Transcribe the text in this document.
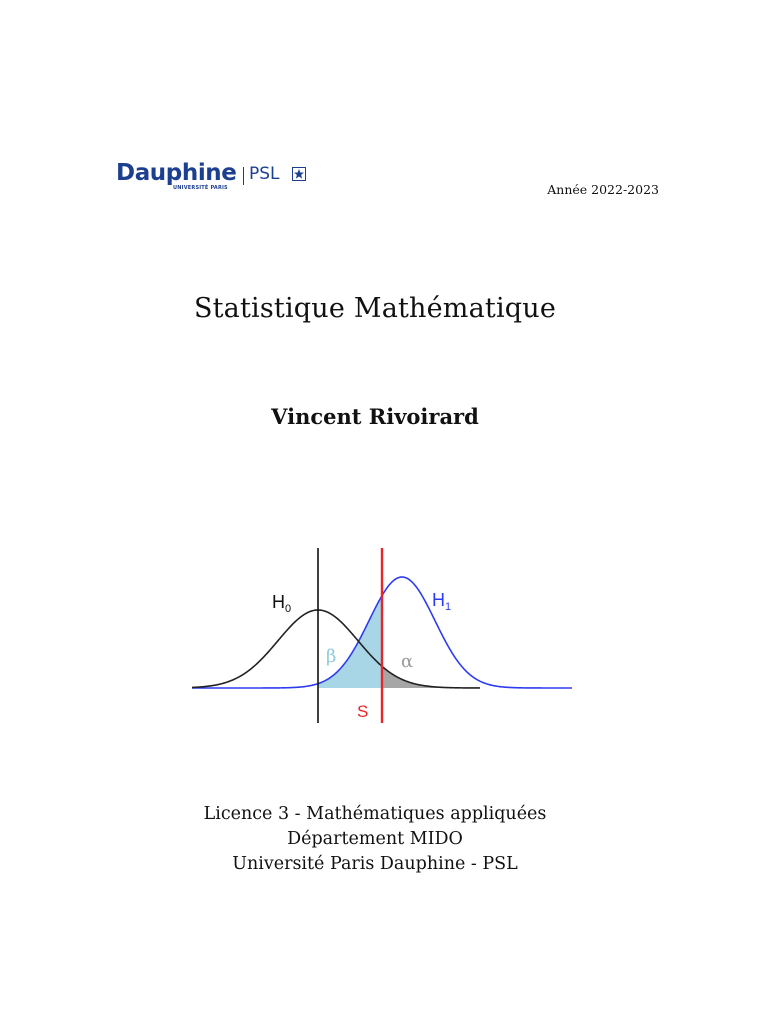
Dauphine
UNIVERSITÉ PARIS
PSL
Année 2022-2023
Statistique Mathématique
Vincent Rivoirard
$H_0$	$H_1$
β	α
S
Licence 3 - Mathématiques appliquées
Département MIDO
Université Paris Dauphine - PSL
